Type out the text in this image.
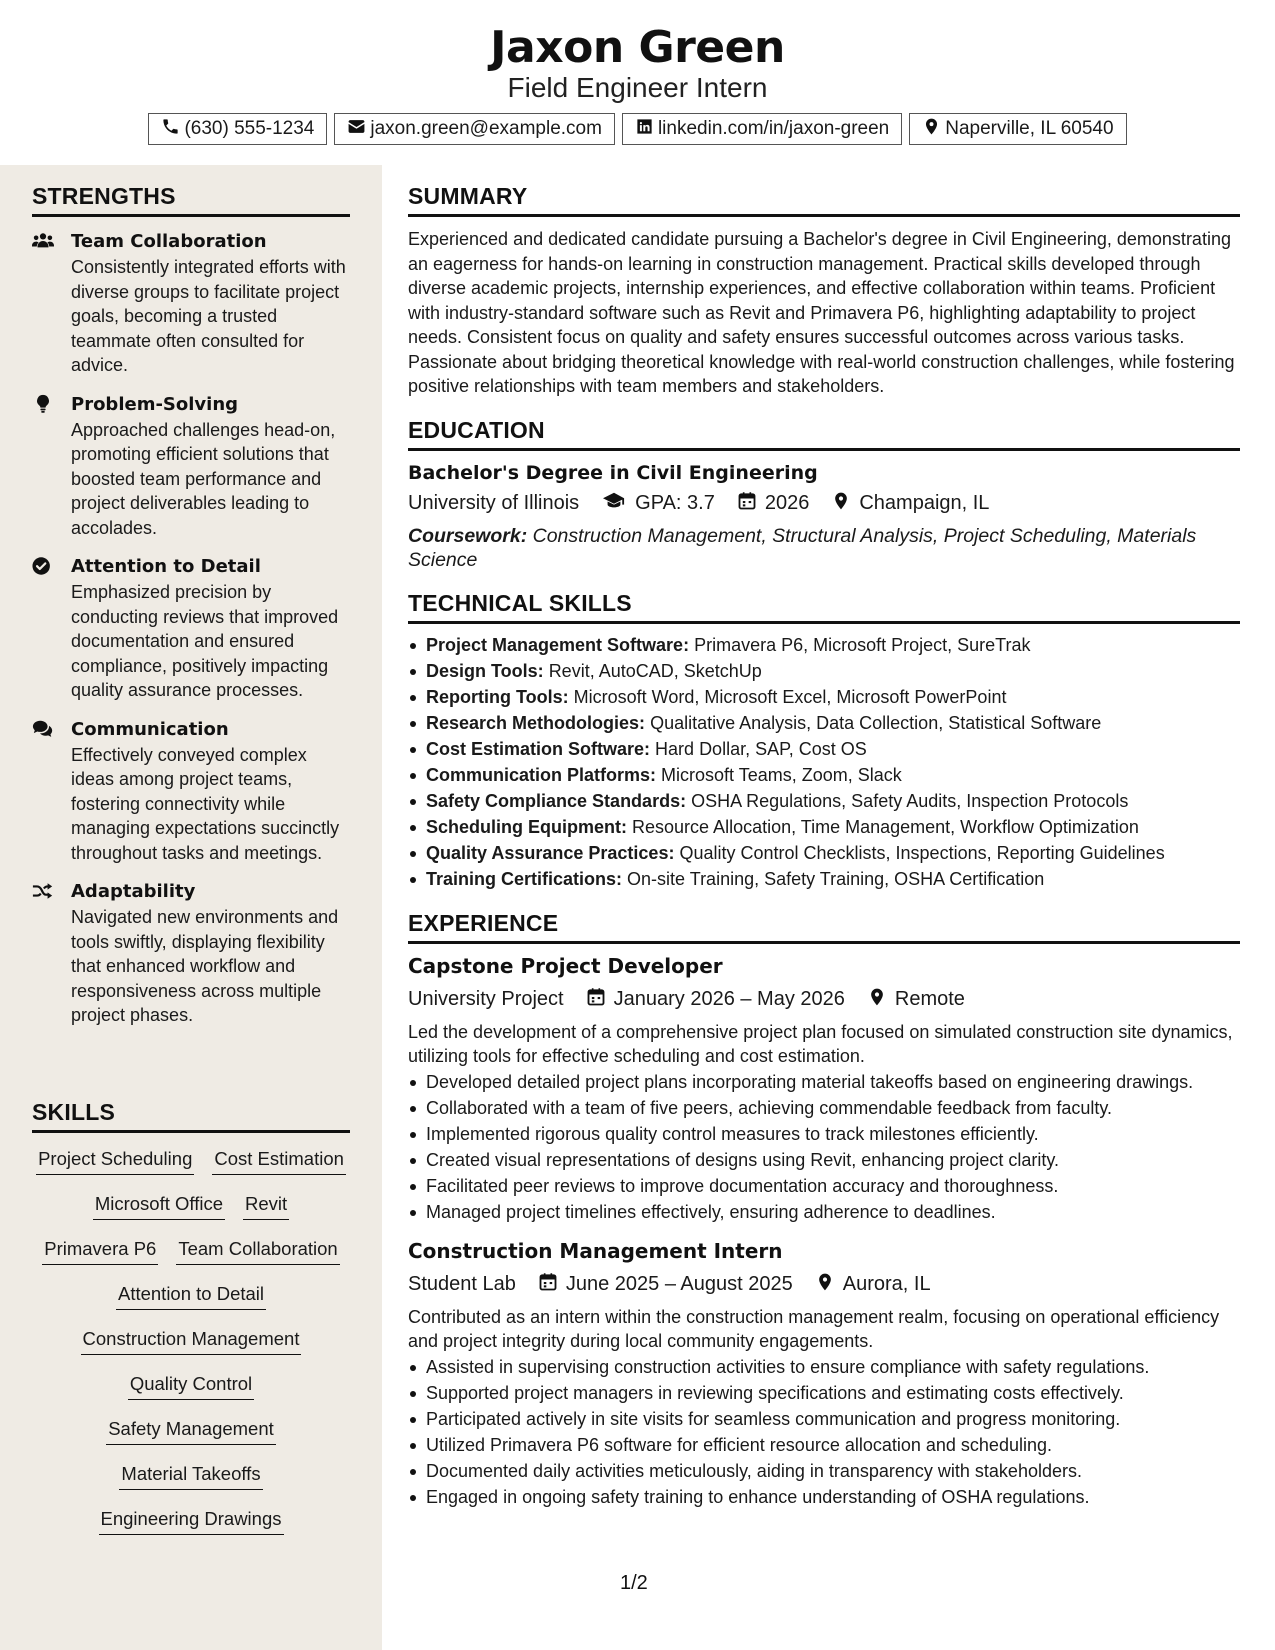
Jaxon Green
Field Engineer Intern
(630) 555-1234	jaxon.green@example.com	linkedin.com/in/jaxon-green	Naperville, IL 60540
STRENGTHS
Team Collaboration
Consistently integrated efforts with diverse groups to facilitate project goals, becoming a trusted teammate often consulted for advice.
Problem-Solving
Approached challenges head-on, promoting efficient solutions that boosted team performance and project deliverables leading to accolades.
Attention to Detail
Emphasized precision by conducting reviews that improved documentation and ensured compliance, positively impacting quality assurance processes.
Communication
Effectively conveyed complex ideas among project teams, fostering connectivity while managing expectations succinctly throughout tasks and meetings.
Adaptability
Navigated new environments and tools swiftly, displaying flexibility that enhanced workflow and responsiveness across multiple project phases.
SKILLS
Project Scheduling Cost Estimation
Microsoft Office Revit
Primavera P6 Team Collaboration
Attention to Detail
Construction Management
Quality Control
Safety Management
Material Takeoffs
Engineering Drawings
SUMMARY
Experienced and dedicated candidate pursuing a Bachelor's degree in Civil Engineering, demonstrating an eagerness for hands-on learning in construction management. Practical skills developed through diverse academic projects, internship experiences, and effective collaboration within teams. Proficient with industry-standard software such as Revit and Primavera P6, highlighting adaptability to project needs. Consistent focus on quality and safety ensures successful outcomes across various tasks. Passionate about bridging theoretical knowledge with real-world construction challenges, while fostering positive relationships with team members and stakeholders.
EDUCATION
Bachelor's Degree in Civil Engineering
University of Illinois	GPA: 3.7	2026	Champaign, IL
Coursework: Construction Management, Structural Analysis, Project Scheduling, Materials Science
TECHNICAL SKILLS
Project Management Software: Primavera P6, Microsoft Project, SureTrak
Design Tools: Revit, AutoCAD, SketchUp
Reporting Tools: Microsoft Word, Microsoft Excel, Microsoft PowerPoint
Research Methodologies: Qualitative Analysis, Data Collection, Statistical Software
Cost Estimation Software: Hard Dollar, SAP, Cost OS
Communication Platforms: Microsoft Teams, Zoom, Slack
Safety Compliance Standards: OSHA Regulations, Safety Audits, Inspection Protocols
Scheduling Equipment: Resource Allocation, Time Management, Workflow Optimization
Quality Assurance Practices: Quality Control Checklists, Inspections, Reporting Guidelines
Training Certifications: On-site Training, Safety Training, OSHA Certification
EXPERIENCE
Capstone Project Developer
University Project	January 2026 – May 2026	Remote
Led the development of a comprehensive project plan focused on simulated construction site dynamics, utilizing tools for effective scheduling and cost estimation.
Developed detailed project plans incorporating material takeoffs based on engineering drawings.
Collaborated with a team of five peers, achieving commendable feedback from faculty.
Implemented rigorous quality control measures to track milestones efficiently.
Created visual representations of designs using Revit, enhancing project clarity.
Facilitated peer reviews to improve documentation accuracy and thoroughness.
Managed project timelines effectively, ensuring adherence to deadlines.
Construction Management Intern
Student Lab	June 2025 – August 2025	Aurora, IL
Contributed as an intern within the construction management realm, focusing on operational efficiency and project integrity during local community engagements.
Assisted in supervising construction activities to ensure compliance with safety regulations.
Supported project managers in reviewing specifications and estimating costs effectively.
Participated actively in site visits for seamless communication and progress monitoring.
Utilized Primavera P6 software for efficient resource allocation and scheduling.
Documented daily activities meticulously, aiding in transparency with stakeholders.
Engaged in ongoing safety training to enhance understanding of OSHA regulations.
1/2
